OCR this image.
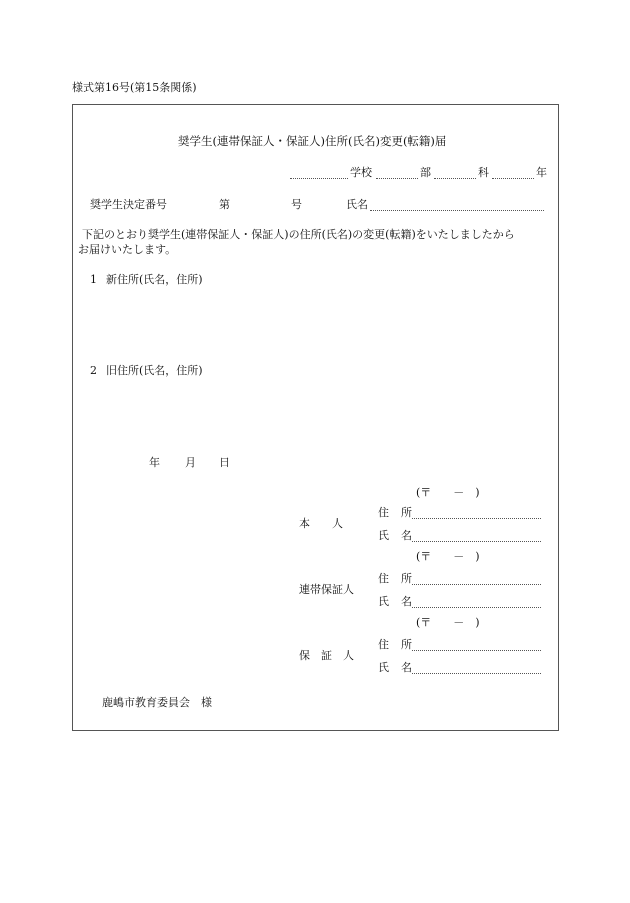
様式第16号(第15条関係)
奨学生(連帯保証人・保証人)住所(氏名)変更(転籍)届
学校	部	科	年
奨学生決定番号	第	号	氏名
下記のとおり奨学生(連帯保証人・保証人)の住所(氏名)の変更(転籍)をいたしましたから
お届けいたします。
1 新住所(氏名，住所)
2 旧住所(氏名，住所)
年 月 日
(〒　　－　)
本　　人
住 所
氏 名
(〒　　－　)
連帯保証人
住 所
氏 名
(〒　　－　)
保　証　人
住 所
氏 名
鹿嶋市教育委員会　様
